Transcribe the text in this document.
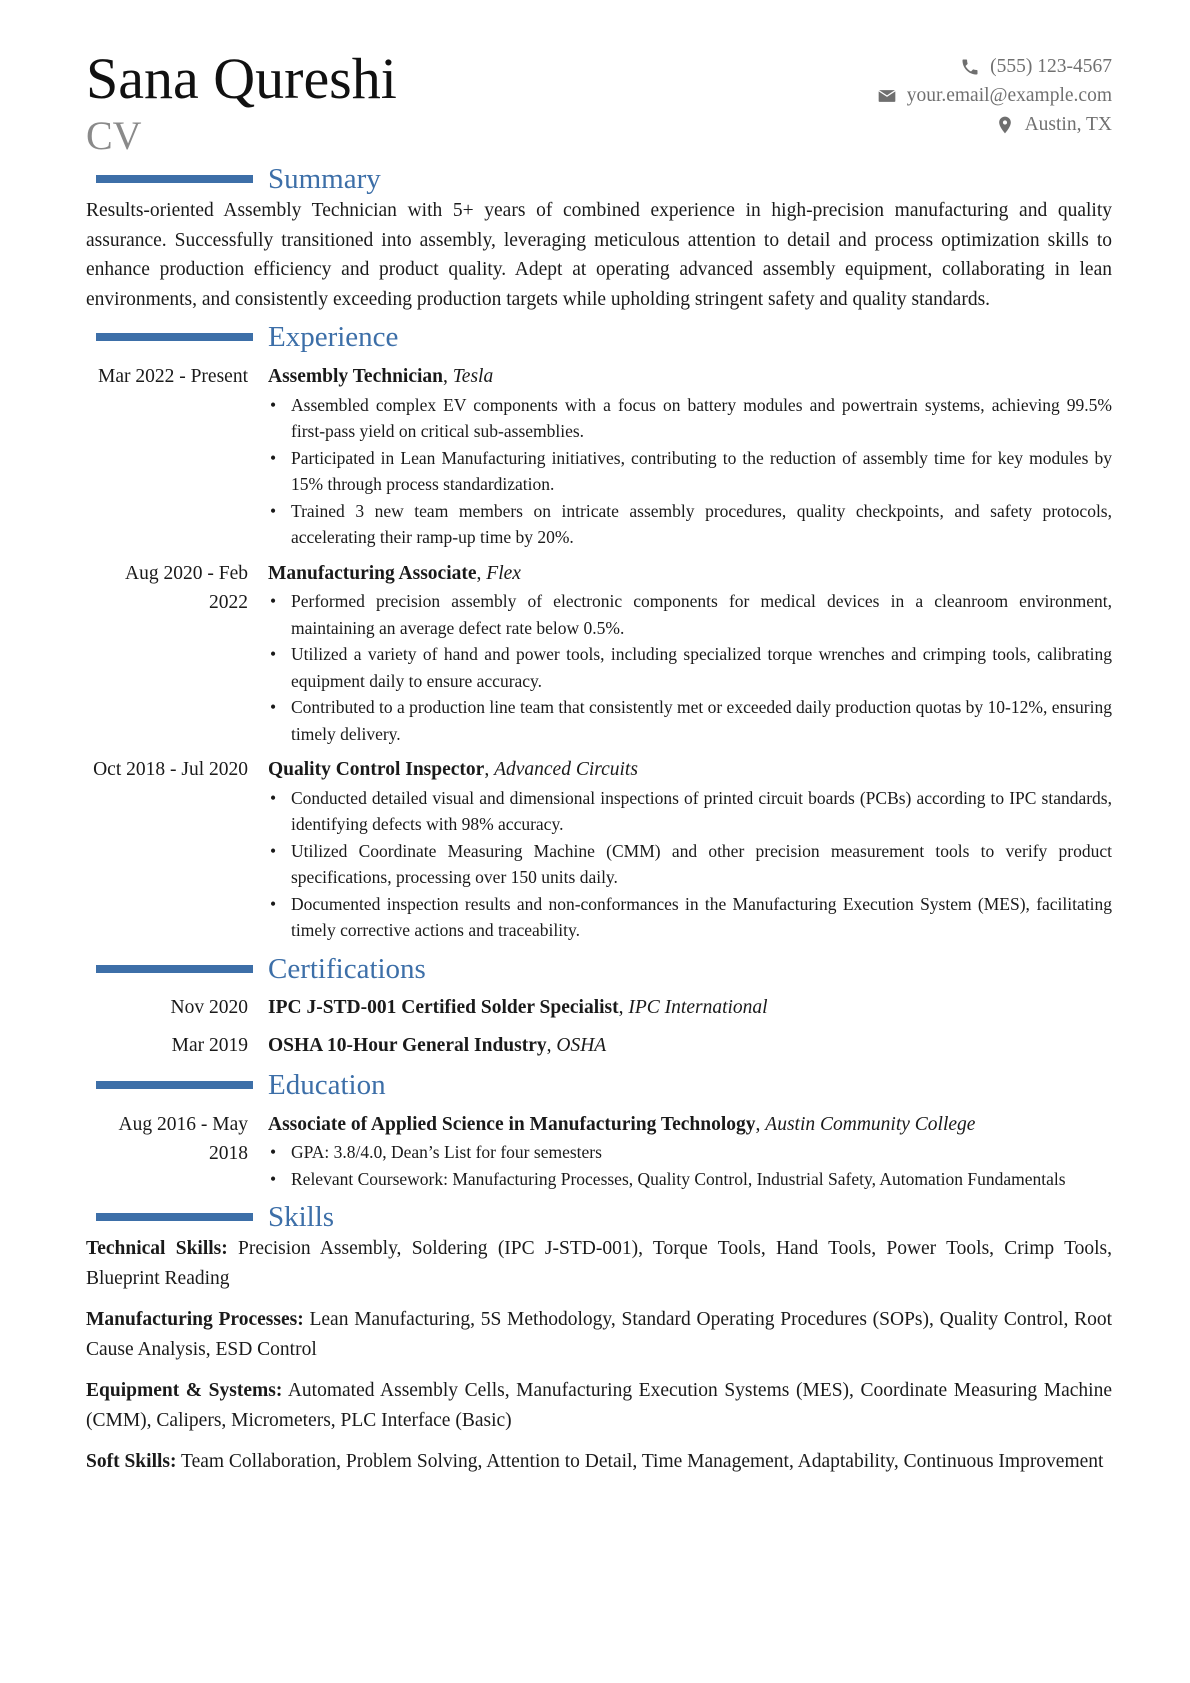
Sana Qureshi
CV
(555) 123-4567
your.email@example.com
Austin, TX
Summary
Results-oriented Assembly Technician with 5+ years of combined experience in high-precision manufacturing and quality assurance. Successfully transitioned into assembly, leveraging meticulous attention to detail and process optimization skills to enhance production efficiency and product quality. Adept at operating advanced assembly equipment, collaborating in lean environments, and consistently exceeding production targets while upholding stringent safety and quality standards.
Experience
Mar 2022 - Present Assembly Technician, Tesla
• Assembled complex EV components with a focus on battery modules and powertrain systems, achieving 99.5% first-pass yield on critical sub-assemblies.
• Participated in Lean Manufacturing initiatives, contributing to the reduction of assembly time for key modules by 15% through process standardization.
• Trained 3 new team members on intricate assembly procedures, quality checkpoints, and safety protocols, accelerating their ramp-up time by 20%.
Aug 2020 - Feb 2022
Manufacturing Associate, Flex
• Performed precision assembly of electronic components for medical devices in a cleanroom environment, maintaining an average defect rate below 0.5%.
• Utilized a variety of hand and power tools, including specialized torque wrenches and crimping tools, calibrating equipment daily to ensure accuracy.
• Contributed to a production line team that consistently met or exceeded daily production quotas by 10-12%, ensuring timely delivery.
Oct 2018 - Jul 2020 Quality Control Inspector, Advanced Circuits
• Conducted detailed visual and dimensional inspections of printed circuit boards (PCBs) according to IPC standards, identifying defects with 98% accuracy.
• Utilized Coordinate Measuring Machine (CMM) and other precision measurement tools to verify product specifications, processing over 150 units daily.
• Documented inspection results and non-conformances in the Manufacturing Execution System (MES), facilitating timely corrective actions and traceability.
Certifications
Nov 2020 IPC J-STD-001 Certified Solder Specialist, IPC International
Mar 2019 OSHA 10-Hour General Industry, OSHA
Education
Aug 2016 - May 2018
Associate of Applied Science in Manufacturing Technology, Austin Community College
• GPA: 3.8/4.0, Dean’s List for four semesters
• Relevant Coursework: Manufacturing Processes, Quality Control, Industrial Safety, Automation Fundamentals
Skills
Technical Skills: Precision Assembly, Soldering (IPC J-STD-001), Torque Tools, Hand Tools, Power Tools, Crimp Tools, Blueprint Reading
Manufacturing Processes: Lean Manufacturing, 5S Methodology, Standard Operating Procedures (SOPs), Quality Control, Root Cause Analysis, ESD Control
Equipment & Systems: Automated Assembly Cells, Manufacturing Execution Systems (MES), Coordinate Measuring Machine (CMM), Calipers, Micrometers, PLC Interface (Basic)
Soft Skills: Team Collaboration, Problem Solving, Attention to Detail, Time Management, Adaptability, Continuous Improvement
